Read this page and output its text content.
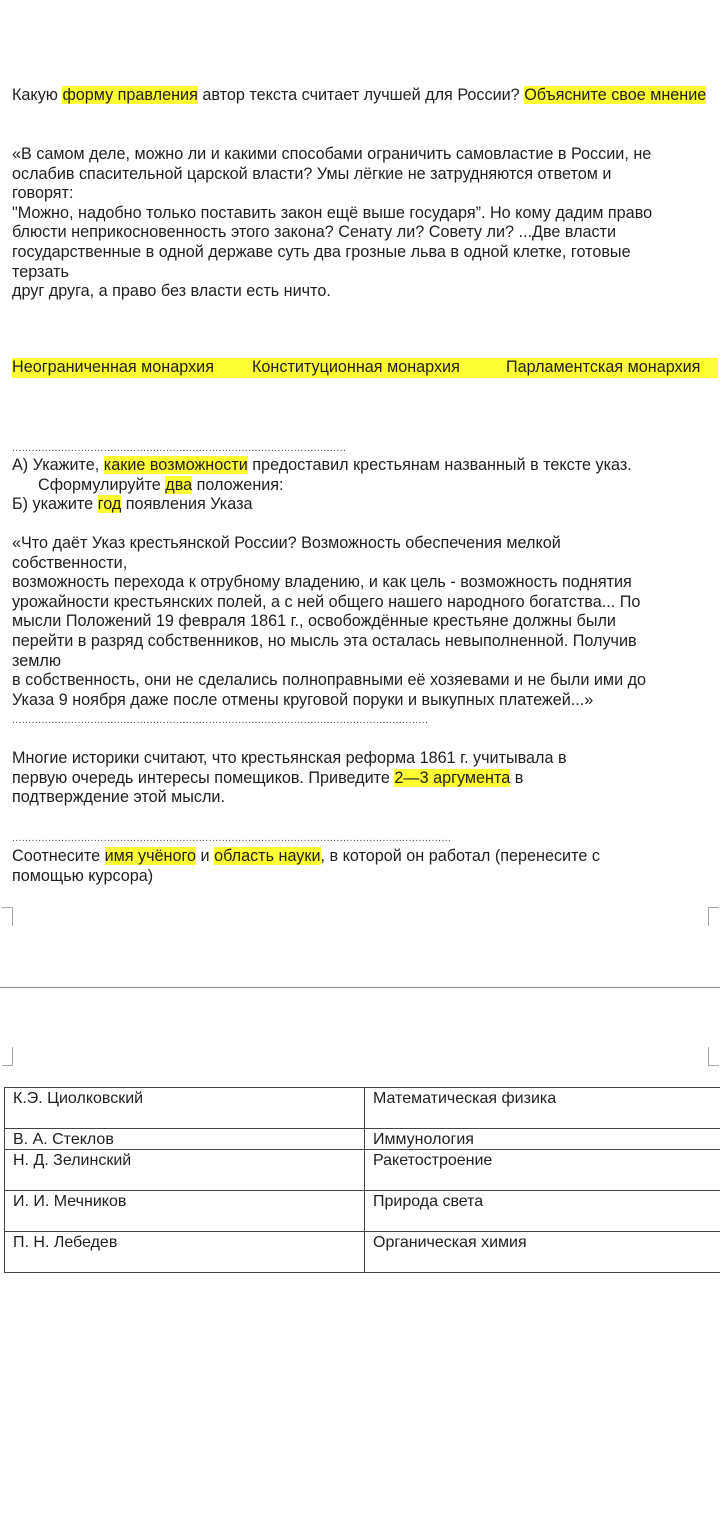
Какую форму правления автор текста считает лучшей для России? Объясните свое мнение
«В самом деле, можно ли и какими способами ограничить самовластие в России, не
ослабив спасительной царской власти? Умы лёгкие не затрудняются ответом и
говорят:
"Можно, надобно только поставить закон ещё выше государя”. Но кому дадим право
блюсти неприкосновенность этого закона? Сенату ли? Совету ли? ...Две власти
государственные в одной державе суть два грозные льва в одной клетке, готовые
терзать
друг друга, а право без власти есть ничто.
Неограниченная монархия Конституционная монархия	Парламентская монархия
......................................................................................................
А) Укажите, какие возможности предоставил крестьянам названный в тексте указ.
Сформулируйте два положения:
Б) укажите год появления Указа
«Что даёт Указ крестьянской России? Возможность обеспечения мелкой
собственности,
возможность перехода к отрубному владению, и как цель - возможность поднятия
урожайности крестьянских полей, а с ней общего нашего народного богатства... По
мысли Положений 19 февраля 1861 г., освобождённые крестьяне должны были
перейти в разряд собственников, но мысль эта осталась невыполненной. Получив
землю
в собственность, они не сделались полноправными её хозяевами и не были ими до
Указа 9 ноября даже после отмены круговой поруки и выкупных платежей...»
...............................................................................................................................
Многие историки считают, что крестьянская реформа 1861 г. учитывала в
первую очередь интересы помещиков. Приведите 2—3 аргумента в
подтверждение этой мысли.
......................................................................................................................................
Соотнесите имя учёного и область науки, в которой он работал (перенесите с
помощью курсора)
К.Э. Циолковский	Математическая физика
В. А. Стеклов	Иммунология
Н. Д. Зелинский	Ракетостроение
И. И. Мечников	Природа света
П. Н. Лебедев	Органическая химия
